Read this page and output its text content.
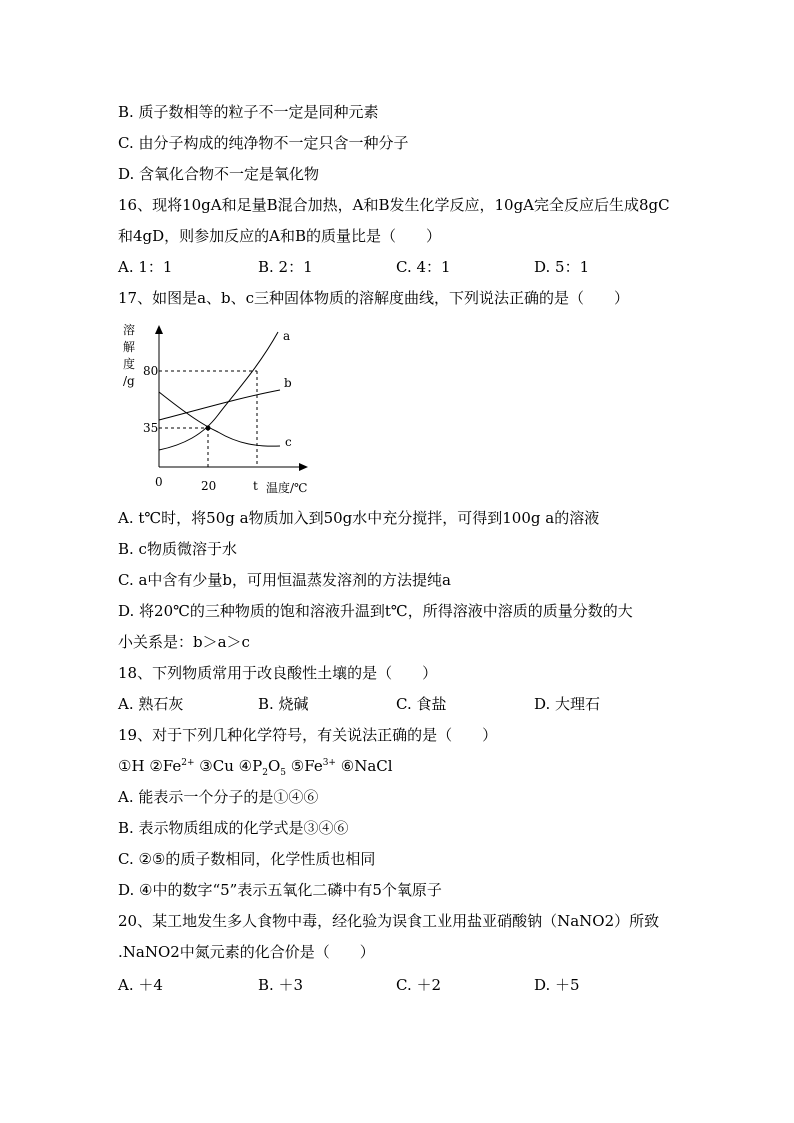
B. 质子数相等的粒子不一定是同种元素
C. 由分子构成的纯净物不一定只含一种分子
D. 含氧化合物不一定是氧化物
16、现将10gA和足量B混合加热，A和B发生化学反应，10gA完全反应后生成8gC
和4gD，则参加反应的A和B的质量比是（　　）
A. 1：1	B. 2：1	C. 4：1	D. 5：1
17、如图是a、b、c三种固体物质的溶解度曲线，下列说法正确的是（　　）
溶
解
度
/g
a
b
c
80
35
0	20	t 温度/℃
A. t℃时，将50g a物质加入到50g水中充分搅拌，可得到100g a的溶液
B. c物质微溶于水
C. a中含有少量b，可用恒温蒸发溶剂的方法提纯a
D. 将20℃的三种物质的饱和溶液升温到t℃，所得溶液中溶质的质量分数的大
小关系是：b＞a＞c
18、下列物质常用于改良酸性土壤的是（　　）
A. 熟石灰	B. 烧碱	C. 食盐	D. 大理石
19、对于下列几种化学符号，有关说法正确的是（　　）
①H $②Fe^{2+}$ ③Cu $④P_2O_5$ $⑤Fe^{3+}$ ⑥NaCl
A. 能表示一个分子的是①④⑥
B. 表示物质组成的化学式是③④⑥
C. ②⑤的质子数相同，化学性质也相同
D. ④中的数字“5”表示五氧化二磷中有5个氧原子
20、某工地发生多人食物中毒，经化验为误食工业用盐亚硝酸钠（NaNO2）所致
.NaNO2中氮元素的化合价是（　　）
A. ＋4	B. ＋3	C. ＋2	D. ＋5
